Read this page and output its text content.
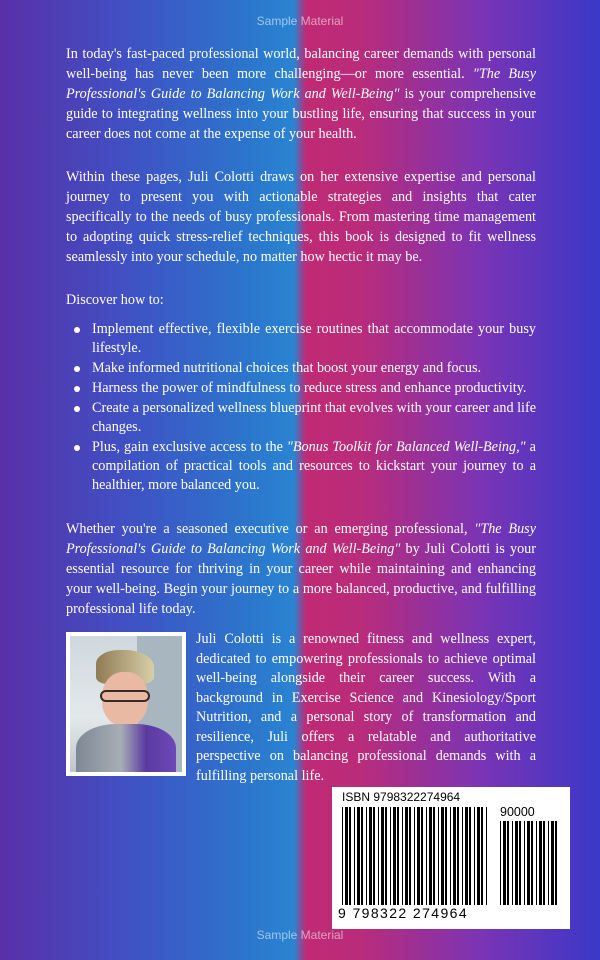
Sample Material

In today's fast-paced professional world, balancing career demands with personal well-being has never been more challenging—or more essential. "The Busy Professional's Guide to Balancing Work and Well-Being" is your comprehensive guide to integrating wellness into your bustling life, ensuring that success in your career does not come at the expense of your health.

Within these pages, Juli Colotti draws on her extensive expertise and personal journey to present you with actionable strategies and insights that cater specifically to the needs of busy professionals. From mastering time management to adopting quick stress-relief techniques, this book is designed to fit wellness seamlessly into your schedule, no matter how hectic it may be.

Discover how to:

Implement effective, flexible exercise routines that accommodate your busy lifestyle.
Make informed nutritional choices that boost your energy and focus.
Harness the power of mindfulness to reduce stress and enhance productivity.
Create a personalized wellness blueprint that evolves with your career and life changes.
Plus, gain exclusive access to the "Bonus Toolkit for Balanced Well-Being," a compilation of practical tools and resources to kickstart your journey to a healthier, more balanced you.

Whether you're a seasoned executive or an emerging professional, "The Busy Professional's Guide to Balancing Work and Well-Being" by Juli Colotti is your essential resource for thriving in your career while maintaining and enhancing your well-being. Begin your journey to a more balanced, productive, and fulfilling professional life today.

Juli Colotti is a renowned fitness and wellness expert, dedicated to empowering professionals to achieve optimal well-being alongside their career success. With a background in Exercise Science and Kinesiology/Sport Nutrition, and a personal story of transformation and resilience, Juli offers a relatable and authoritative perspective on balancing professional demands with a fulfilling personal life.

ISBN 9798322274964
90000
9 798322 274964
Sample Material
